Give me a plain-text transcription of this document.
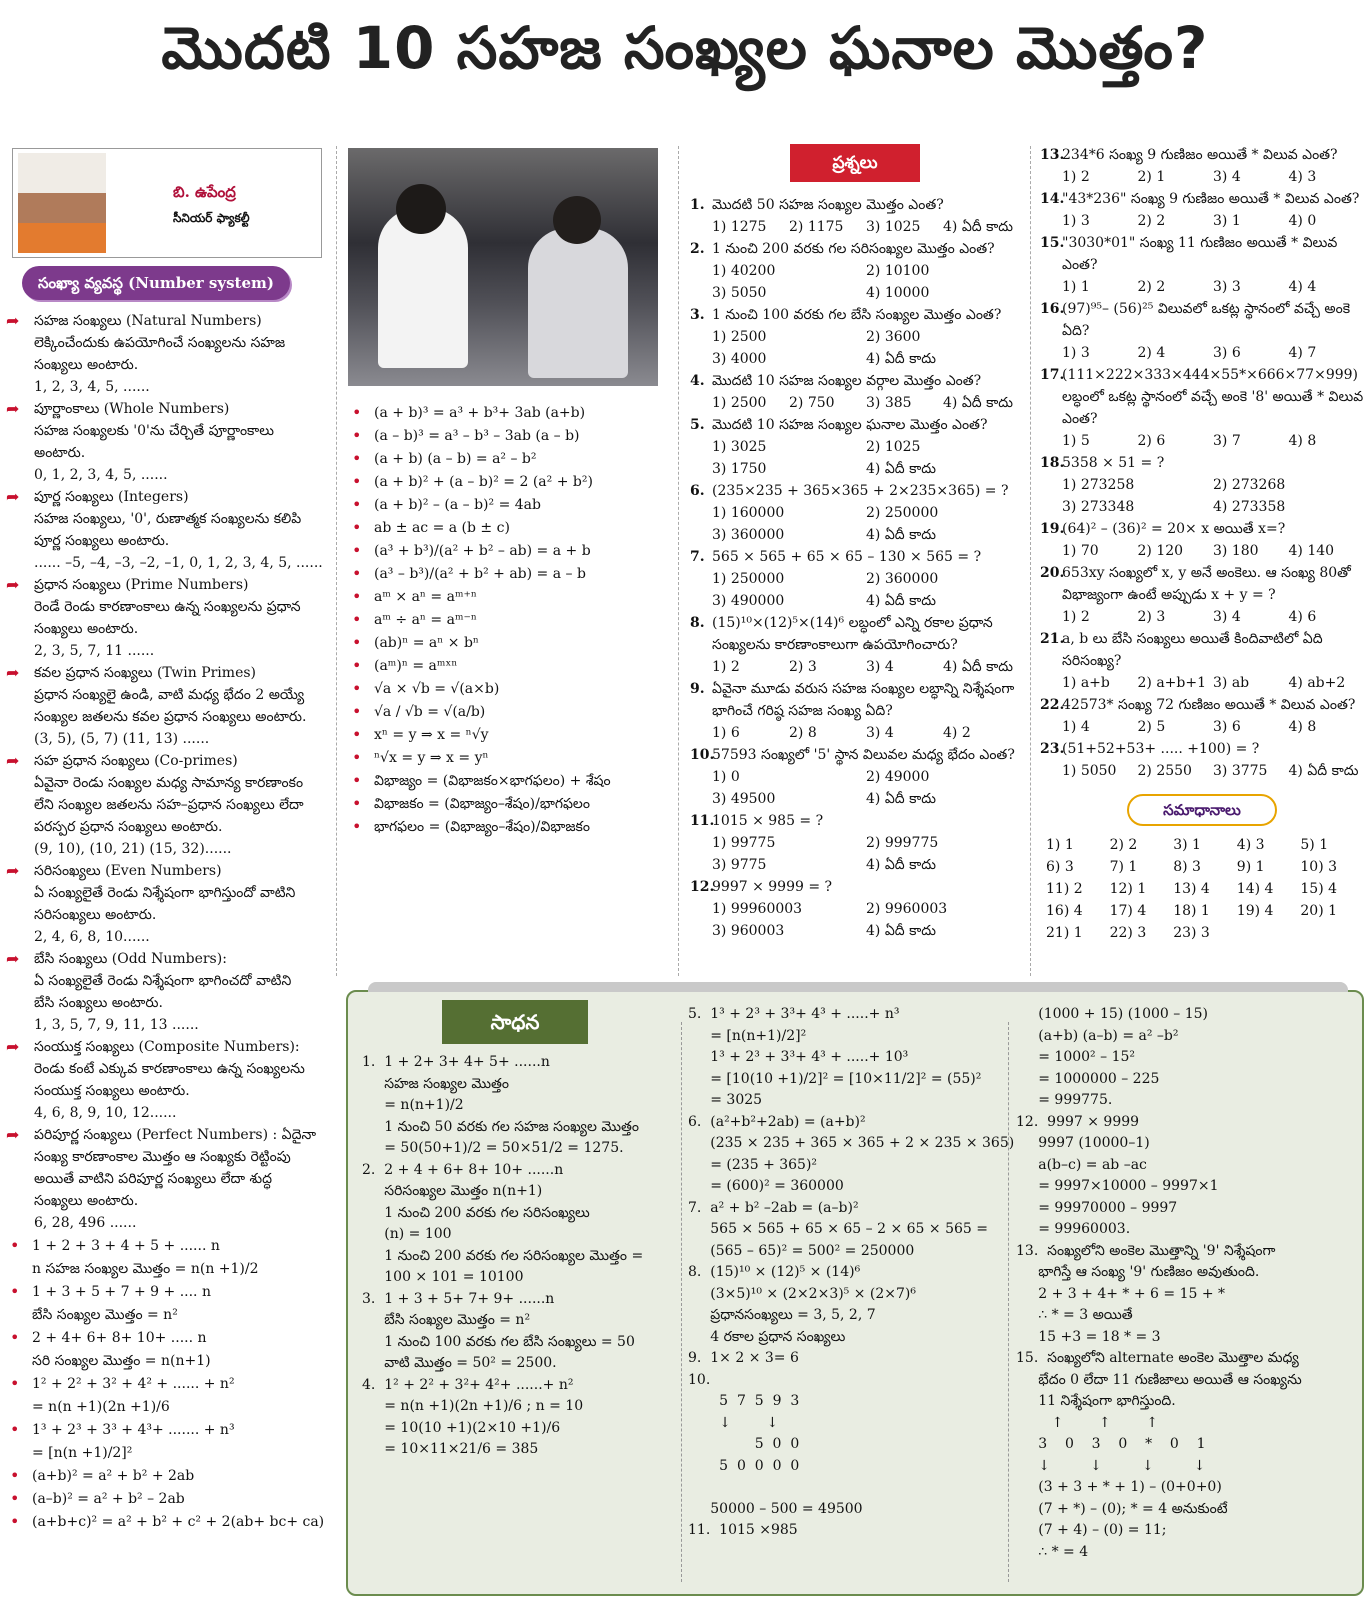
మొదటి 10 సహజ సంఖ్యల ఘనాల మొత్తం?
బి. ఉపేంద్ర
సీనియర్ ఫ్యాకల్టీ
సంఖ్యా వ్యవస్థ (Number system)
➦ సహజ సంఖ్యలు (Natural Numbers)
లెక్కించేందుకు ఉపయోగించే సంఖ్యలను సహజ
సంఖ్యలు అంటారు.
1, 2, 3, 4, 5, ......
➦ పూర్ణాంకాలు (Whole Numbers)
సహజ సంఖ్యలకు '0'ను చేర్చితే పూర్ణాంకాలు
అంటారు.
0, 1, 2, 3, 4, 5, ......
➦ పూర్ణ సంఖ్యలు (Integers)
సహజ సంఖ్యలు, '0', రుణాత్మక సంఖ్యలను కలిపి
పూర్ణ సంఖ్యలు అంటారు.
...... –5, –4, –3, –2, –1, 0, 1, 2, 3, 4, 5, ......
➦ ప్రధాన సంఖ్యలు (Prime Numbers)
రెండే రెండు కారణాంకాలు ఉన్న సంఖ్యలను ప్రధాన
సంఖ్యలు అంటారు.
2, 3, 5, 7, 11 ......
➦ కవల ప్రధాన సంఖ్యలు (Twin Primes)
ప్రధాన సంఖ్యలై ఉండి, వాటి మధ్య భేదం 2 అయ్యే
సంఖ్యల జతలను కవల ప్రధాన సంఖ్యలు అంటారు.
(3, 5), (5, 7) (11, 13) ......
➦ సహ ప్రధాన సంఖ్యలు (Co-primes)
ఏవైనా రెండు సంఖ్యల మధ్య సామాన్య కారణాంకం
లేని సంఖ్యల జతలను సహ–ప్రధాన సంఖ్యలు లేదా
పరస్పర ప్రధాన సంఖ్యలు అంటారు.
(9, 10), (10, 21) (15, 32)......
➦ సరిసంఖ్యలు (Even Numbers)
ఏ సంఖ్యలైతే రెండు నిశ్శేషంగా భాగిస్తుందో వాటిని
సరిసంఖ్యలు అంటారు.
2, 4, 6, 8, 10......
➦ బేసి సంఖ్యలు (Odd Numbers):
ఏ సంఖ్యలైతే రెండు నిశ్శేషంగా భాగించదో వాటిని
బేసి సంఖ్యలు అంటారు.
1, 3, 5, 7, 9, 11, 13 ......
➦ సంయుక్త సంఖ్యలు (Composite Numbers):
రెండు కంటే ఎక్కువ కారణాంకాలు ఉన్న సంఖ్యలను
సంయుక్త సంఖ్యలు అంటారు.
4, 6, 8, 9, 10, 12......
➦ పరిపూర్ణ సంఖ్యలు (Perfect Numbers) : ఏదైనా
సంఖ్య కారణాంకాల మొత్తం ఆ సంఖ్యకు రెట్టింపు
అయితే వాటిని పరిపూర్ణ సంఖ్యలు లేదా శుద్ధ
సంఖ్యలు అంటారు.
6, 28, 496 ......
• 1 + 2 + 3 + 4 + 5 + ...... n
n సహజ సంఖ్యల మొత్తం = n(n +1)/2
• 1 + 3 + 5 + 7 + 9 + .... n
బేసి సంఖ్యల మొత్తం = n²
• 2 + 4+ 6+ 8+ 10+ ..... n
సరి సంఖ్యల మొత్తం = n(n+1)
• 1² + 2² + 3² + 4² + ...... + n²
= n(n +1)(2n +1)/6
• 1³ + 2³ + 3³ + 4³+ ....... + n³
= [n(n +1)/2]²
• (a+b)² = a² + b² + 2ab
• (a–b)² = a² + b² – 2ab
• (a+b+c)² = a² + b² + c² + 2(ab+ bc+ ca)
• (a + b)³ = a³ + b³+ 3ab (a+b)
• (a – b)³ = a³ – b³ – 3ab (a – b)
• (a + b) (a – b) = a² – b²
• (a + b)² + (a – b)² = 2 (a² + b²)
• (a + b)² – (a – b)² = 4ab
• ab ± ac = a (b ± c)
• (a³ + b³)/(a² + b² – ab) = a + b
• (a³ – b³)/(a² + b² + ab) = a – b
• aᵐ × aⁿ = aᵐ⁺ⁿ
• aᵐ ÷ aⁿ = aᵐ⁻ⁿ
• (ab)ⁿ = aⁿ × bⁿ
• (aᵐ)ⁿ = aᵐˣⁿ
• √a × √b = √(a×b)
• √a / √b = √(a/b)
• xⁿ = y ⇒ x = ⁿ√y
• ⁿ√x = y ⇒ x = yⁿ
• విభాజ్యం = (విభాజకం×భాగఫలం) + శేషం
• విభాజకం = (విభాజ్యం–శేషం)/భాగఫలం
• భాగఫలం = (విభాజ్యం–శేషం)/విభాజకం
ప్రశ్నలు
1. మొదటి 50 సహజ సంఖ్యల మొత్తం ఎంత?
1) 1275	2) 1175	3) 1025	4) ఏదీ కాదు
2. 1 నుంచి 200 వరకు గల సరిసంఖ్యల మొత్తం ఎంత?
1) 40200	2) 10100
3) 5050	4) 10000
3. 1 నుంచి 100 వరకు గల బేసి సంఖ్యల మొత్తం ఎంత?
1) 2500	2) 3600
3) 4000	4) ఏదీ కాదు
4. మొదటి 10 సహజ సంఖ్యల వర్గాల మొత్తం ఎంత?
1) 2500	2) 750	3) 385	4) ఏదీ కాదు
5. మొదటి 10 సహజ సంఖ్యల ఘనాల మొత్తం ఎంత?
1) 3025	2) 1025
3) 1750	4) ఏదీ కాదు
6. (235×235 + 365×365 + 2×235×365) = ?
1) 160000	2) 250000
3) 360000	4) ఏదీ కాదు
7. 565 × 565 + 65 × 65 – 130 × 565 = ?
1) 250000	2) 360000
3) 490000	4) ఏదీ కాదు
8. (15)¹⁰×(12)⁵×(14)⁶ లబ్ధంలో ఎన్ని రకాల ప్రధాన సంఖ్యలను కారణాంకాలుగా ఉపయోగించారు?
1) 2	2) 3	3) 4	4) ఏదీ కాదు
9. ఏవైనా మూడు వరుస సహజ సంఖ్యల లబ్ధాన్ని నిశ్శేషంగా భాగించే గరిష్ఠ సహజ సంఖ్య ఏది?
1) 6	2) 8	3) 4	4) 2
10.
57593 సంఖ్యలో '5' స్థాన విలువల మధ్య భేదం ఎంత?
1) 0	2) 49000
3) 49500	4) ఏదీ కాదు
11.
1015 × 985 = ?
1) 99775	2) 999775
3) 9775	4) ఏదీ కాదు
12.
9997 × 9999 = ?
1) 99960003	2) 9960003
3) 960003	4) ఏదీ కాదు
13.
234*6 సంఖ్య 9 గుణిజం అయితే * విలువ ఎంత?
1) 2	2) 1	3) 4	4) 3
14.
"43*236" సంఖ్య 9 గుణిజం అయితే * విలువ ఎంత?
1) 3	2) 2	3) 1	4) 0
15.
"3030*01" సంఖ్య 11 గుణిజం అయితే * విలువ ఎంత?
1) 1	2) 2	3) 3	4) 4
16.
(97)⁹⁵– (56)²⁵ విలువలో ఒకట్ల స్థానంలో వచ్చే అంకె ఏది?
1) 3	2) 4	3) 6	4) 7
17.
(111×222×333×444×55*×666×77×999) లబ్ధంలో ఒకట్ల స్థానంలో వచ్చే అంకె '8' అయితే * విలువ ఎంత?
1) 5	2) 6	3) 7	4) 8
18.
5358 × 51 = ?
1) 273258	2) 273268
3) 273348	4) 273358
19.
(64)² – (36)² = 20× x అయితే x=?
1) 70	2) 120	3) 180	4) 140
20.
653xy సంఖ్యలో x, y అనే అంకెలు. ఆ సంఖ్య 80తో విభాజ్యంగా ఉంటే అప్పుడు x + y = ?
1) 2	2) 3	3) 4	4) 6
21.
a, b లు బేసి సంఖ్యలు అయితే కిందివాటిలో ఏది సరిసంఖ్య?
1) a+b	2) a+b+1 3) ab	4) ab+2
22.
42573* సంఖ్య 72 గుణిజం అయితే * విలువ ఎంత?
1) 4	2) 5	3) 6	4) 8
23.
(51+52+53+ ..... +100) = ?
1) 5050	2) 2550	3) 3775	4) ఏదీ కాదు
సమాధానాలు
1) 1	2) 2	3) 1	4) 3	5) 1
6) 3	7) 1	8) 3	9) 1	10) 3
11) 2	12) 1	13) 4	14) 4	15) 4
16) 4	17) 4	18) 1	19) 4	20) 1
21) 1	22) 3	23) 3
సాధన
1.  1 + 2+ 3+ 4+ 5+ ......n
సహజ సంఖ్యల మొత్తం
= n(n+1)/2
1 నుంచి 50 వరకు గల సహజ సంఖ్యల మొత్తం
= 50(50+1)/2 = 50×51/2 = 1275.
2.  2 + 4 + 6+ 8+ 10+ ......n
సరిసంఖ్యల మొత్తం n(n+1)
1 నుంచి 200 వరకు గల సరిసంఖ్యలు
(n) = 100
1 నుంచి 200 వరకు గల సరిసంఖ్యల మొత్తం =
100 × 101 = 10100
3.  1 + 3 + 5+ 7+ 9+ ......n
బేసి సంఖ్యల మొత్తం = n²
1 నుంచి 100 వరకు గల బేసి సంఖ్యలు = 50
వాటి మొత్తం = 50² = 2500.
4.  1² + 2² + 3²+ 4²+ ......+ n²
= n(n +1)(2n +1)/6 ; n = 10
= 10(10 +1)(2×10 +1)/6
= 10×11×21/6 = 385
5.  1³ + 2³ + 3³+ 4³ + .....+ n³
= [n(n+1)/2]²
1³ + 2³ + 3³+ 4³ + .....+ 10³
= [10(10 +1)/2]² = [10×11/2]² = (55)²
= 3025
6.  (a²+b²+2ab) = (a+b)²
(235 × 235 + 365 × 365 + 2 × 235 × 365)
= (235 + 365)²
= (600)² = 360000
7.  a² + b² –2ab = (a–b)²
565 × 565 + 65 × 65 – 2 × 65 × 565 =
(565 – 65)² = 500² = 250000
8.  (15)¹⁰ × (12)⁵ × (14)⁶
(3×5)¹⁰ × (2×2×3)⁵ × (2×7)⁶
ప్రధానసంఖ్యలు = 3, 5, 2, 7
4 రకాల ప్రధాన సంఖ్యలు
9.  1× 2 × 3= 6
10.
5  7  5  9  3
↓        ↓
5  0  0
5  0  0  0  0

50000 – 500 = 49500
11.  1015 ×985
(1000 + 15) (1000 – 15)
(a+b) (a–b) = a² –b²
= 1000² – 15²
= 1000000 – 225
= 999775.
12.  9997 × 9999
9997 (10000–1)
a(b–c) = ab –ac
= 9997×10000 – 9997×1
= 99970000 – 9997
= 99960003.
13.  సంఖ్యలోని అంకెల మొత్తాన్ని '9' నిశ్శేషంగా
భాగిస్తే ఆ సంఖ్య '9' గుణిజం అవుతుంది.
2 + 3 + 4+ * + 6 = 15 + *
∴ * = 3 అయితే
15 +3 = 18 * = 3
15.  సంఖ్యలోని alternate అంకెల మొత్తాల మధ్య
భేదం 0 లేదా 11 గుణిజాలు అయితే ఆ సంఖ్యను
11 నిశ్శేషంగా భాగిస్తుంది.
↑        ↑        ↑
3    0    3    0    *    0    1
↓         ↓         ↓         ↓
(3 + 3 + * + 1) – (0+0+0)
(7 + *) – (0); * = 4 అనుకుంటే
(7 + 4) – (0) = 11;
∴ * = 4
